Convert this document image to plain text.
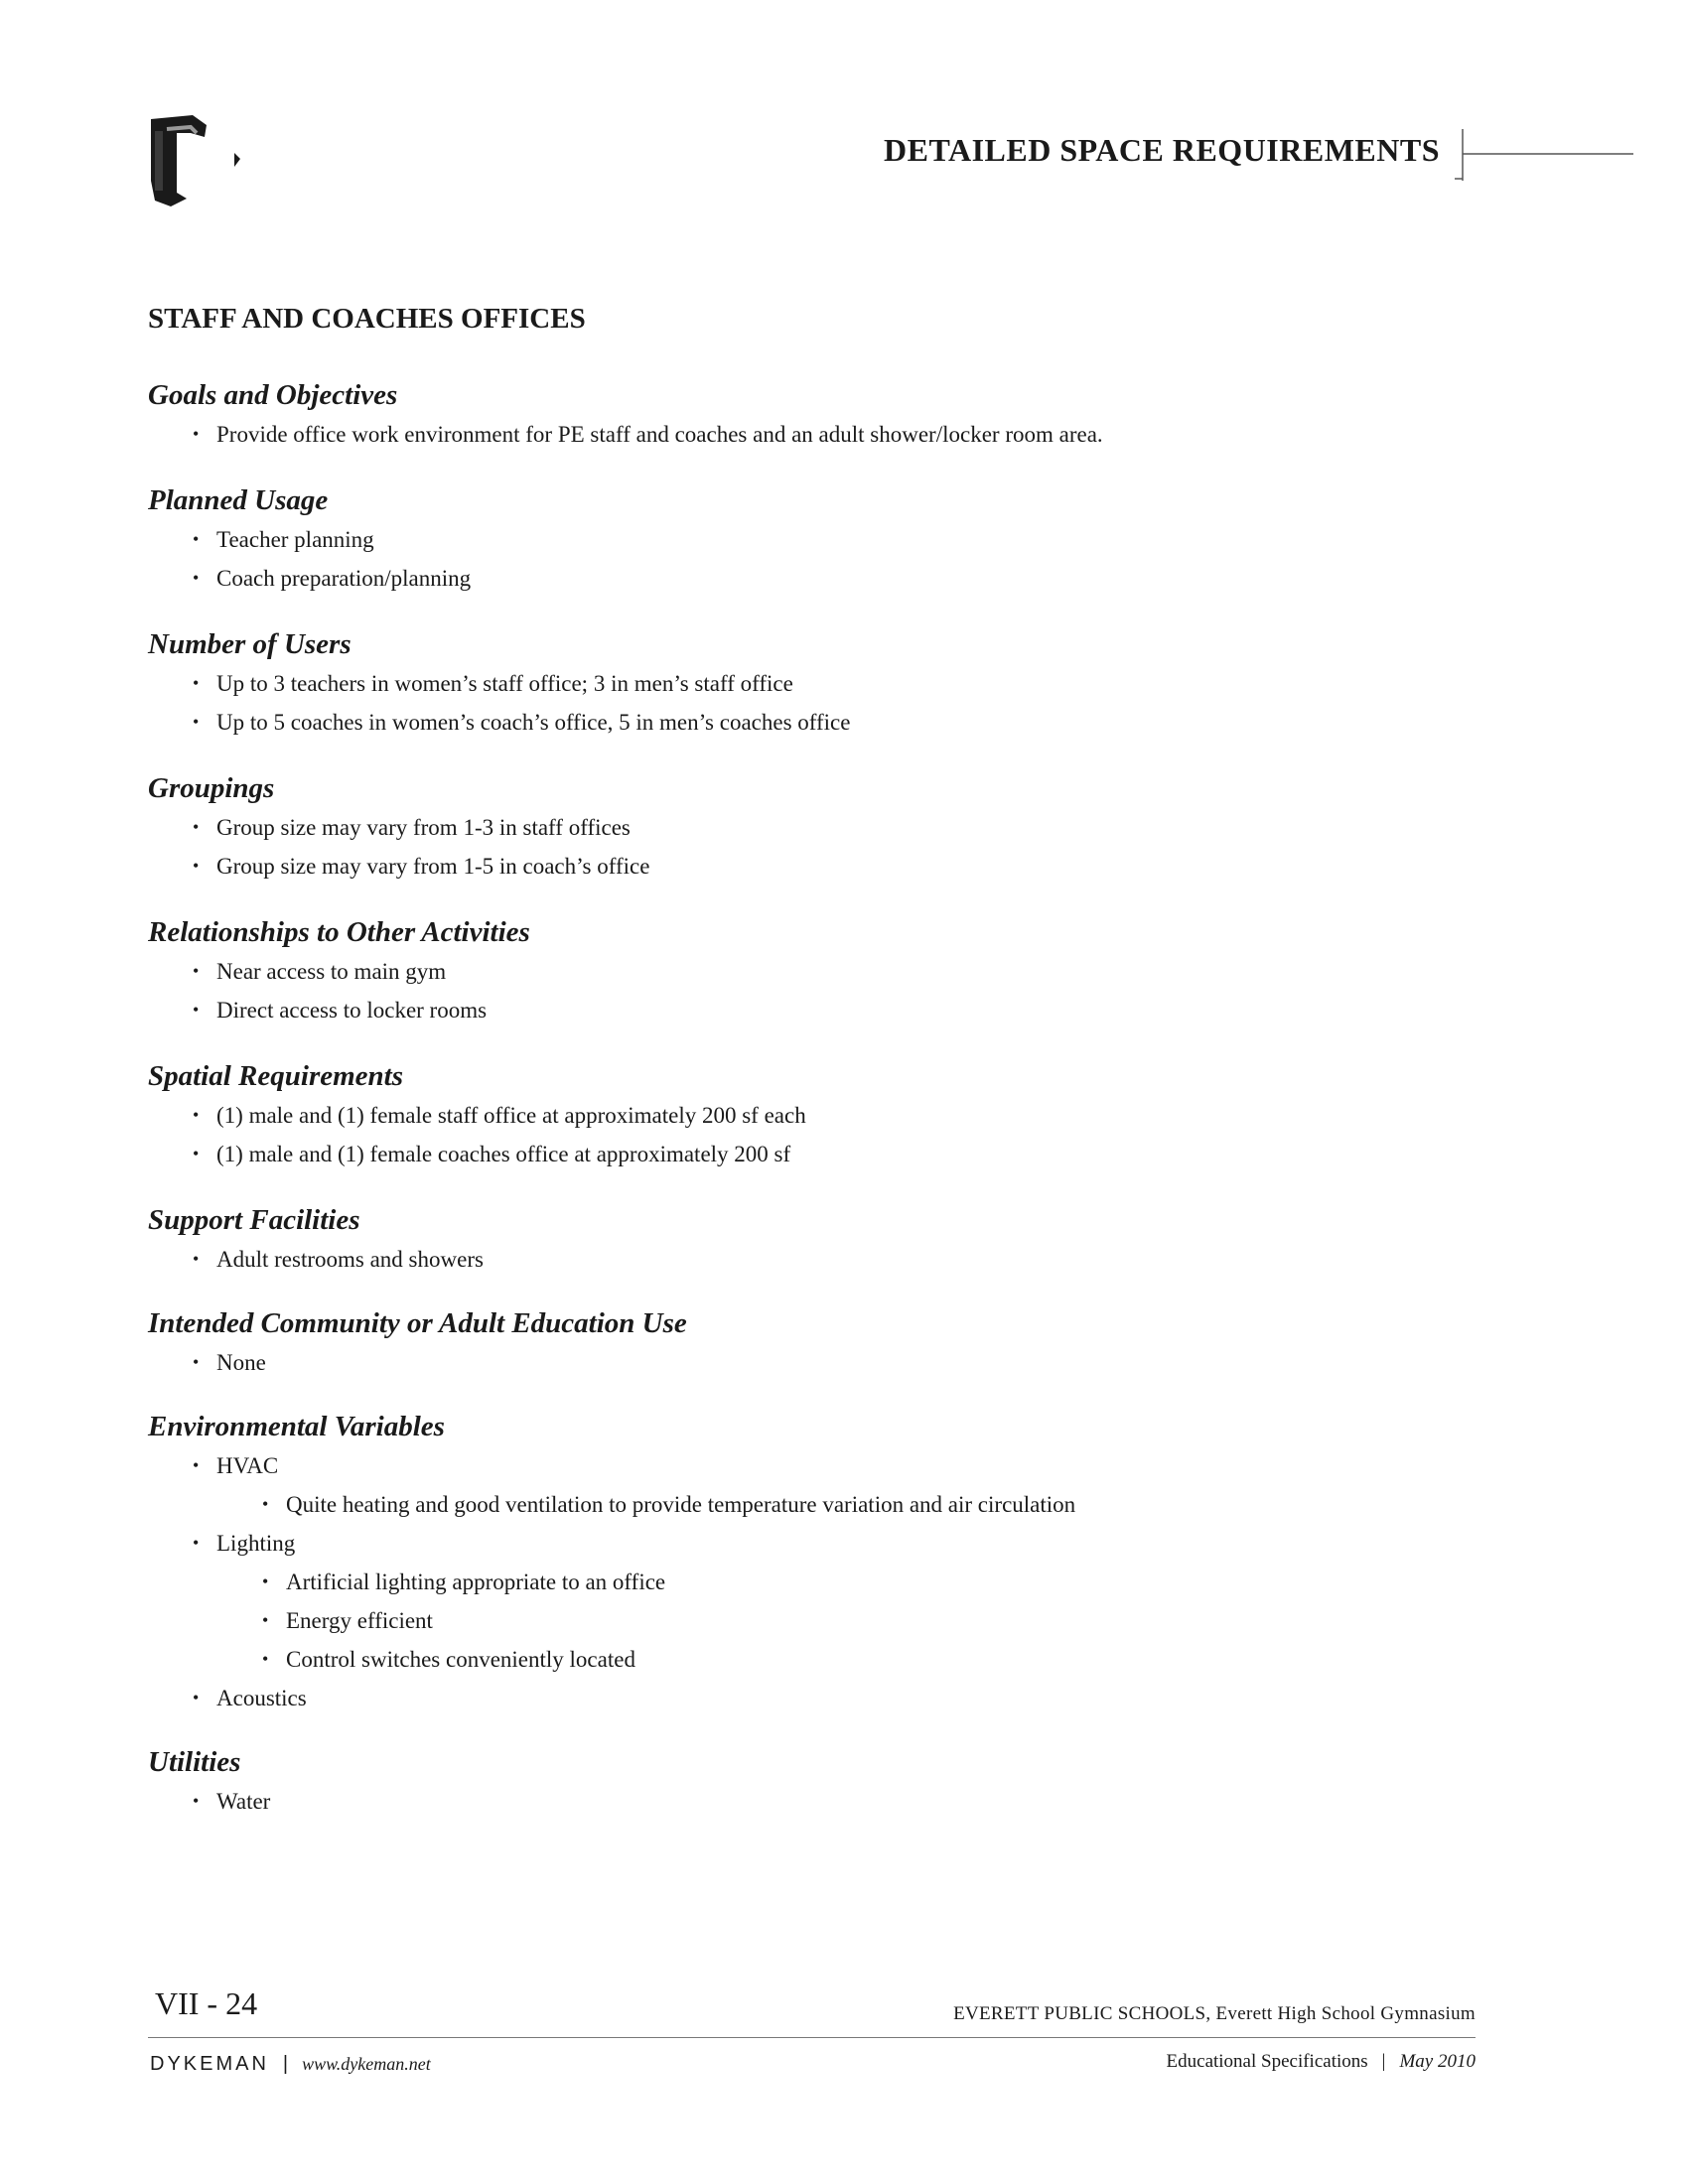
DETAILED SPACE REQUIREMENTS
STAFF AND COACHES OFFICES
Goals and Objectives
• Provide office work environment for PE staff and coaches and an adult shower/locker room area.
Planned Usage
• Teacher planning
• Coach preparation/planning
Number of Users
• Up to 3 teachers in women’s staff office; 3 in men’s staff office
• Up to 5 coaches in women’s coach’s office, 5 in men’s coaches office
Groupings
• Group size may vary from 1-3 in staff offices
• Group size may vary from 1-5 in coach’s office
Relationships to Other Activities
• Near access to main gym
• Direct access to locker rooms
Spatial Requirements
• (1) male and (1) female staff office at approximately 200 sf each
• (1) male and (1) female coaches office at approximately 200 sf
Support Facilities
• Adult restrooms and showers
Intended Community or Adult Education Use
• None
Environmental Variables
• HVAC
• Quite heating and good ventilation to provide temperature variation and air circulation
• Lighting
• Artificial lighting appropriate to an office
• Energy efficient
• Control switches conveniently located
• Acoustics
Utilities
• Water
VII - 24	EVERETT PUBLIC SCHOOLS, Everett High School Gymnasium
DYKEMAN | www.dykeman.net	Educational Specifications | May 2010
